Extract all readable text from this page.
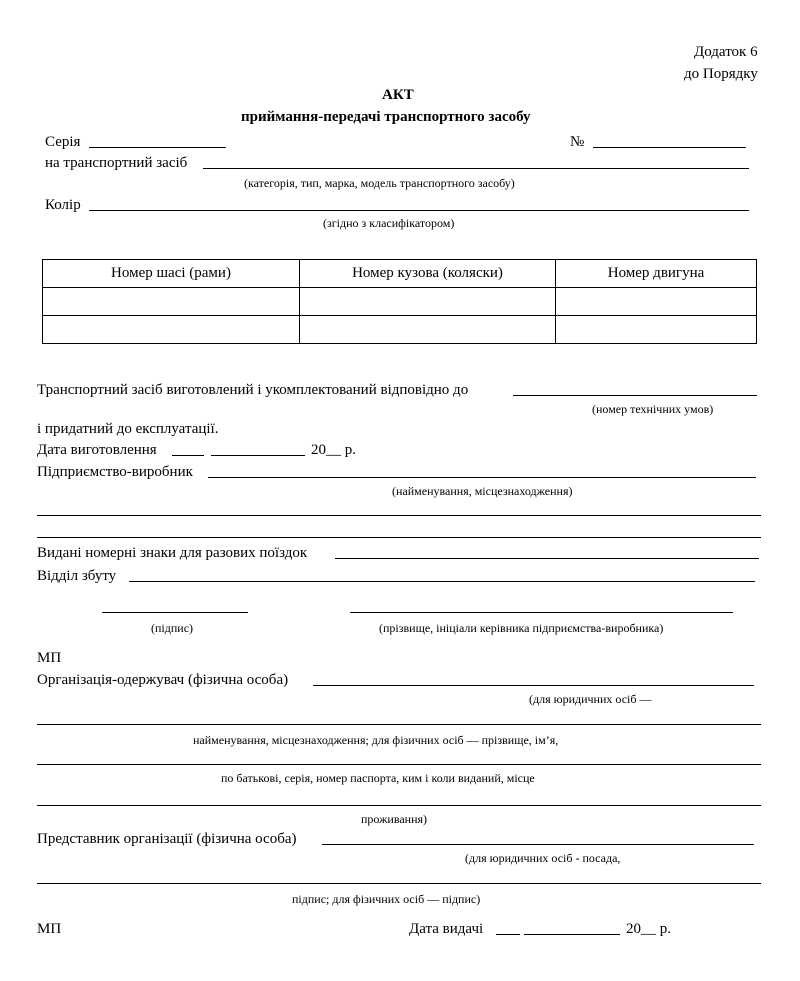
Додаток 6
до Порядку
АКТ
приймання-передачі транспортного засобу
Серія	№
на транспортний засіб
(категорія, тип, марка, модель транспортного засобу)
Колір
(згідно з класифікатором)
Номер шасі (рами)	Номер кузова (коляски)	Номер двигуна

Транспортний засіб виготовлений і укомплектований відповідно до
(номер технічних умов)
і придатний до експлуатації.
Дата виготовлення	20__ р.
Підприємство-виробник
(найменування, місцезнаходження)
Видані номерні знаки для разових поїздок
Відділ збуту
(підпис)	(прізвище, ініціали керівника підприємства-виробника)
МП
Організація-одержувач (фізична особа)
(для юридичних осіб —
найменування, місцезнаходження; для фізичних осіб — прізвище, ім’я,
по батькові, серія, номер паспорта, ким і коли виданий, місце
проживання)
Представник організації (фізична особа)
(для юридичних осіб - посада,
підпис; для фізичних осіб — підпис)
МП	Дата видачі	20__ р.
